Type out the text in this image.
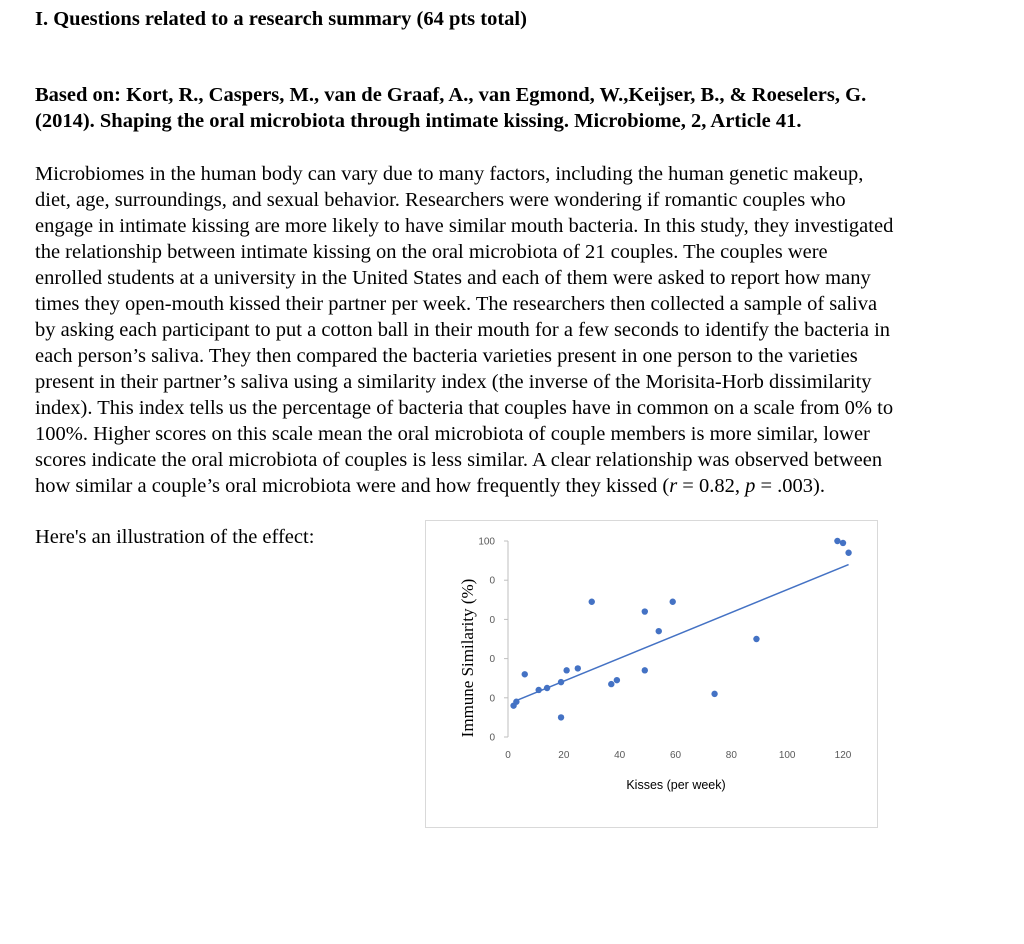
I. Questions related to a research summary (64 pts total)
Based on: Kort, R., Caspers, M., van de Graaf, A., van Egmond, W.,Keijser, B., & Roeselers, G.
(2014). Shaping the oral microbiota through intimate kissing. Microbiome, 2, Article 41.
Microbiomes in the human body can vary due to many factors, including the human genetic makeup,
diet, age, surroundings, and sexual behavior. Researchers were wondering if romantic couples who
engage in intimate kissing are more likely to have similar mouth bacteria. In this study, they investigated
the relationship between intimate kissing on the oral microbiota of 21 couples. The couples were
enrolled students at a university in the United States and each of them were asked to report how many
times they open-mouth kissed their partner per week. The researchers then collected a sample of saliva
by asking each participant to put a cotton ball in their mouth for a few seconds to identify the bacteria in
each person’s saliva. They then compared the bacteria varieties present in one person to the varieties
present in their partner’s saliva using a similarity index (the inverse of the Morisita-Horb dissimilarity
index). This index tells us the percentage of bacteria that couples have in common on a scale from 0% to
100%. Higher scores on this scale mean the oral microbiota of couple members is more similar, lower
scores indicate the oral microbiota of couples is less similar. A clear relationship was observed between
how similar a couple’s oral microbiota were and how frequently they kissed (r = 0.82, p = .003).

Here's an illustration of the effect:

0	20	40	60	80	100	120
0
0
0
0
0
100
Kisses (per week)
Immune Similarity (%)
